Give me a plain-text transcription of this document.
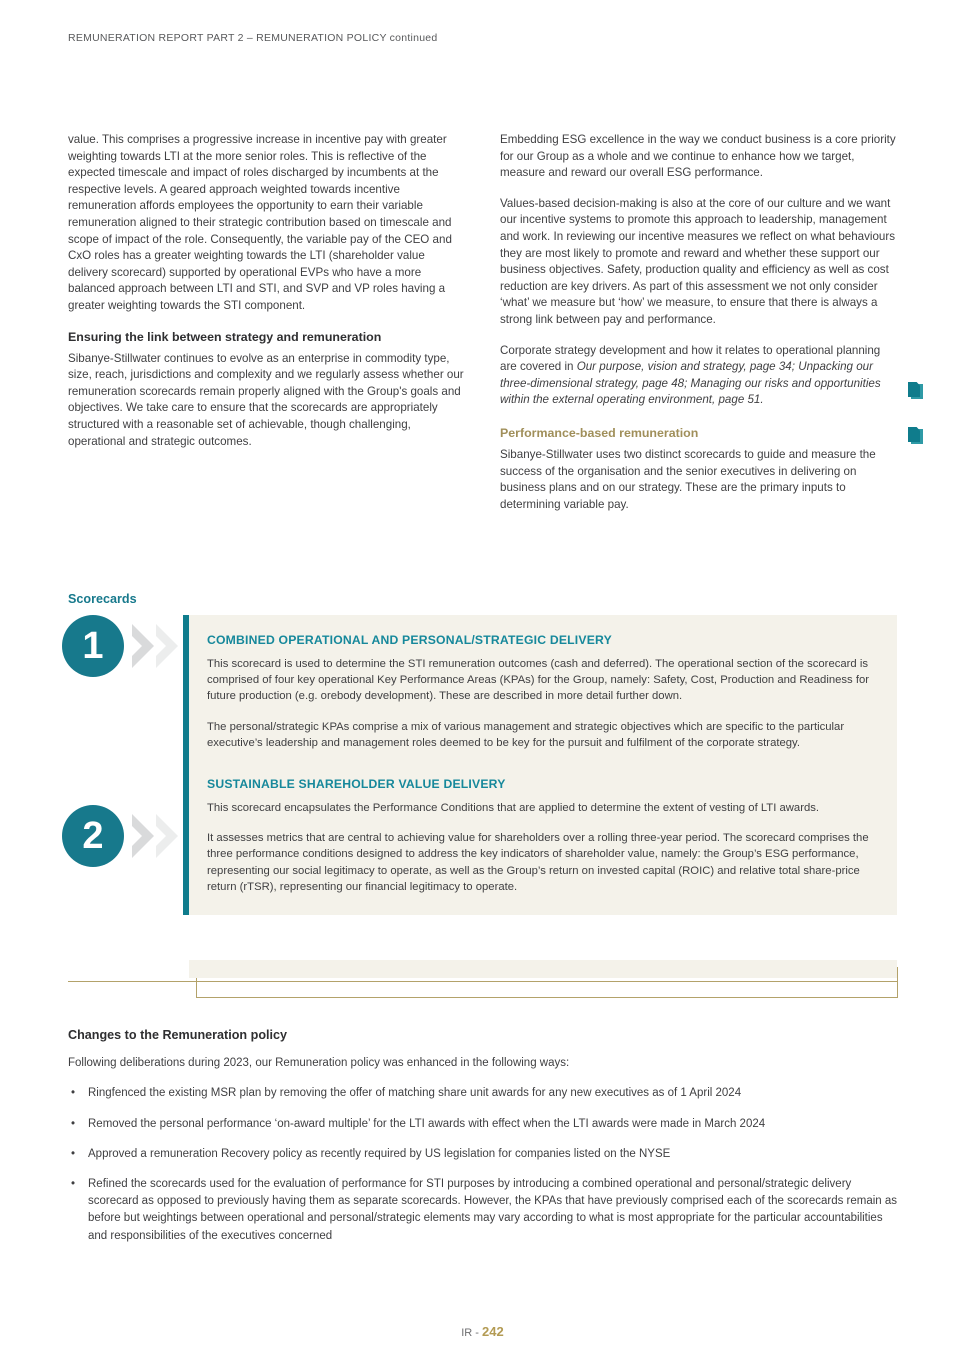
REMUNERATION REPORT PART 2 – REMUNERATION POLICY continued

value. This comprises a progressive increase in incentive pay with greater weighting towards LTI at the more senior roles. This is reflective of the expected timescale and impact of roles discharged by incumbents at the respective levels. A geared approach weighted towards incentive remuneration affords employees the opportunity to earn their variable remuneration aligned to their strategic contribution based on timescale and scope of impact of the role. Consequently, the variable pay of the CEO and CxO roles has a greater weighting towards the LTI (shareholder value delivery scorecard) supported by operational EVPs who have a more balanced approach between LTI and STI, and SVP and VP roles having a greater weighting towards the STI component.

Ensuring the link between strategy and remuneration

Sibanye-Stillwater continues to evolve as an enterprise in commodity type, size, reach, jurisdictions and complexity and we regularly assess whether our remuneration scorecards remain properly aligned with the Group's goals and objectives. We take care to ensure that the scorecards are appropriately structured with a reasonable set of achievable, though challenging, operational and strategic outcomes.

Embedding ESG excellence in the way we conduct business is a core priority for our Group as a whole and we continue to enhance how we target, measure and reward our overall ESG performance.

Values-based decision-making is also at the core of our culture and we want our incentive systems to promote this approach to leadership, management and work. In reviewing our incentive measures we reflect on what behaviours they are most likely to promote and reward and whether these support our business objectives. Safety, production quality and efficiency as well as cost reduction are key drivers. As part of this assessment we not only consider ‘what’ we measure but ‘how’ we measure, to ensure that there is always a strong link between pay and performance.

Corporate strategy development and how it relates to operational planning are covered in Our purpose, vision and strategy, page 34; Unpacking our three-dimensional strategy, page 48; Managing our risks and opportunities within the external operating environment, page 51.

Performance-based remuneration

Sibanye-Stillwater uses two distinct scorecards to guide and measure the success of the organisation and the senior executives in delivering on business plans and on our strategy. These are the primary inputs to determining variable pay.

Scorecards
COMBINED OPERATIONAL AND PERSONAL/STRATEGIC DELIVERY

This scorecard is used to determine the STI remuneration outcomes (cash and deferred). The operational section of the scorecard is comprised of four key operational Key Performance Areas (KPAs) for the Group, namely: Safety, Cost, Production and Readiness for future production (e.g. orebody development). These are described in more detail further down.

The personal/strategic KPAs comprise a mix of various management and strategic objectives which are specific to the particular executive’s leadership and management roles deemed to be key for the pursuit and fulfilment of the corporate strategy.

SUSTAINABLE SHAREHOLDER VALUE DELIVERY

This scorecard encapsulates the Performance Conditions that are applied to determine the extent of vesting of LTI awards.

It assesses metrics that are central to achieving value for shareholders over a rolling three-year period. The scorecard comprises the three performance conditions designed to address the key indicators of shareholder value, namely: the Group’s ESG performance, representing our social legitimacy to operate, as well as the Group’s return on invested capital (ROIC) and relative total share-price return (rTSR), representing our financial legitimacy to operate.

1
2
Changes to the Remuneration policy

Following deliberations during 2023, our Remuneration policy was enhanced in the following ways:

• Ringfenced the existing MSR plan by removing the offer of matching share unit awards for any new executives as of 1 April 2024
• Removed the personal performance ‘on-award multiple’ for the LTI awards with effect when the LTI awards were made in March 2024
• Approved a remuneration Recovery policy as recently required by US legislation for companies listed on the NYSE
• Refined the scorecards used for the evaluation of performance for STI purposes by introducing a combined operational and personal/strategic delivery scorecard as opposed to previously having them as separate scorecards. However, the KPAs that have previously comprised each of the scorecards remain as before but weightings between operational and personal/strategic elements may vary according to what is most appropriate for the particular accountabilities and responsibilities of the executives concerned
IR - 242
